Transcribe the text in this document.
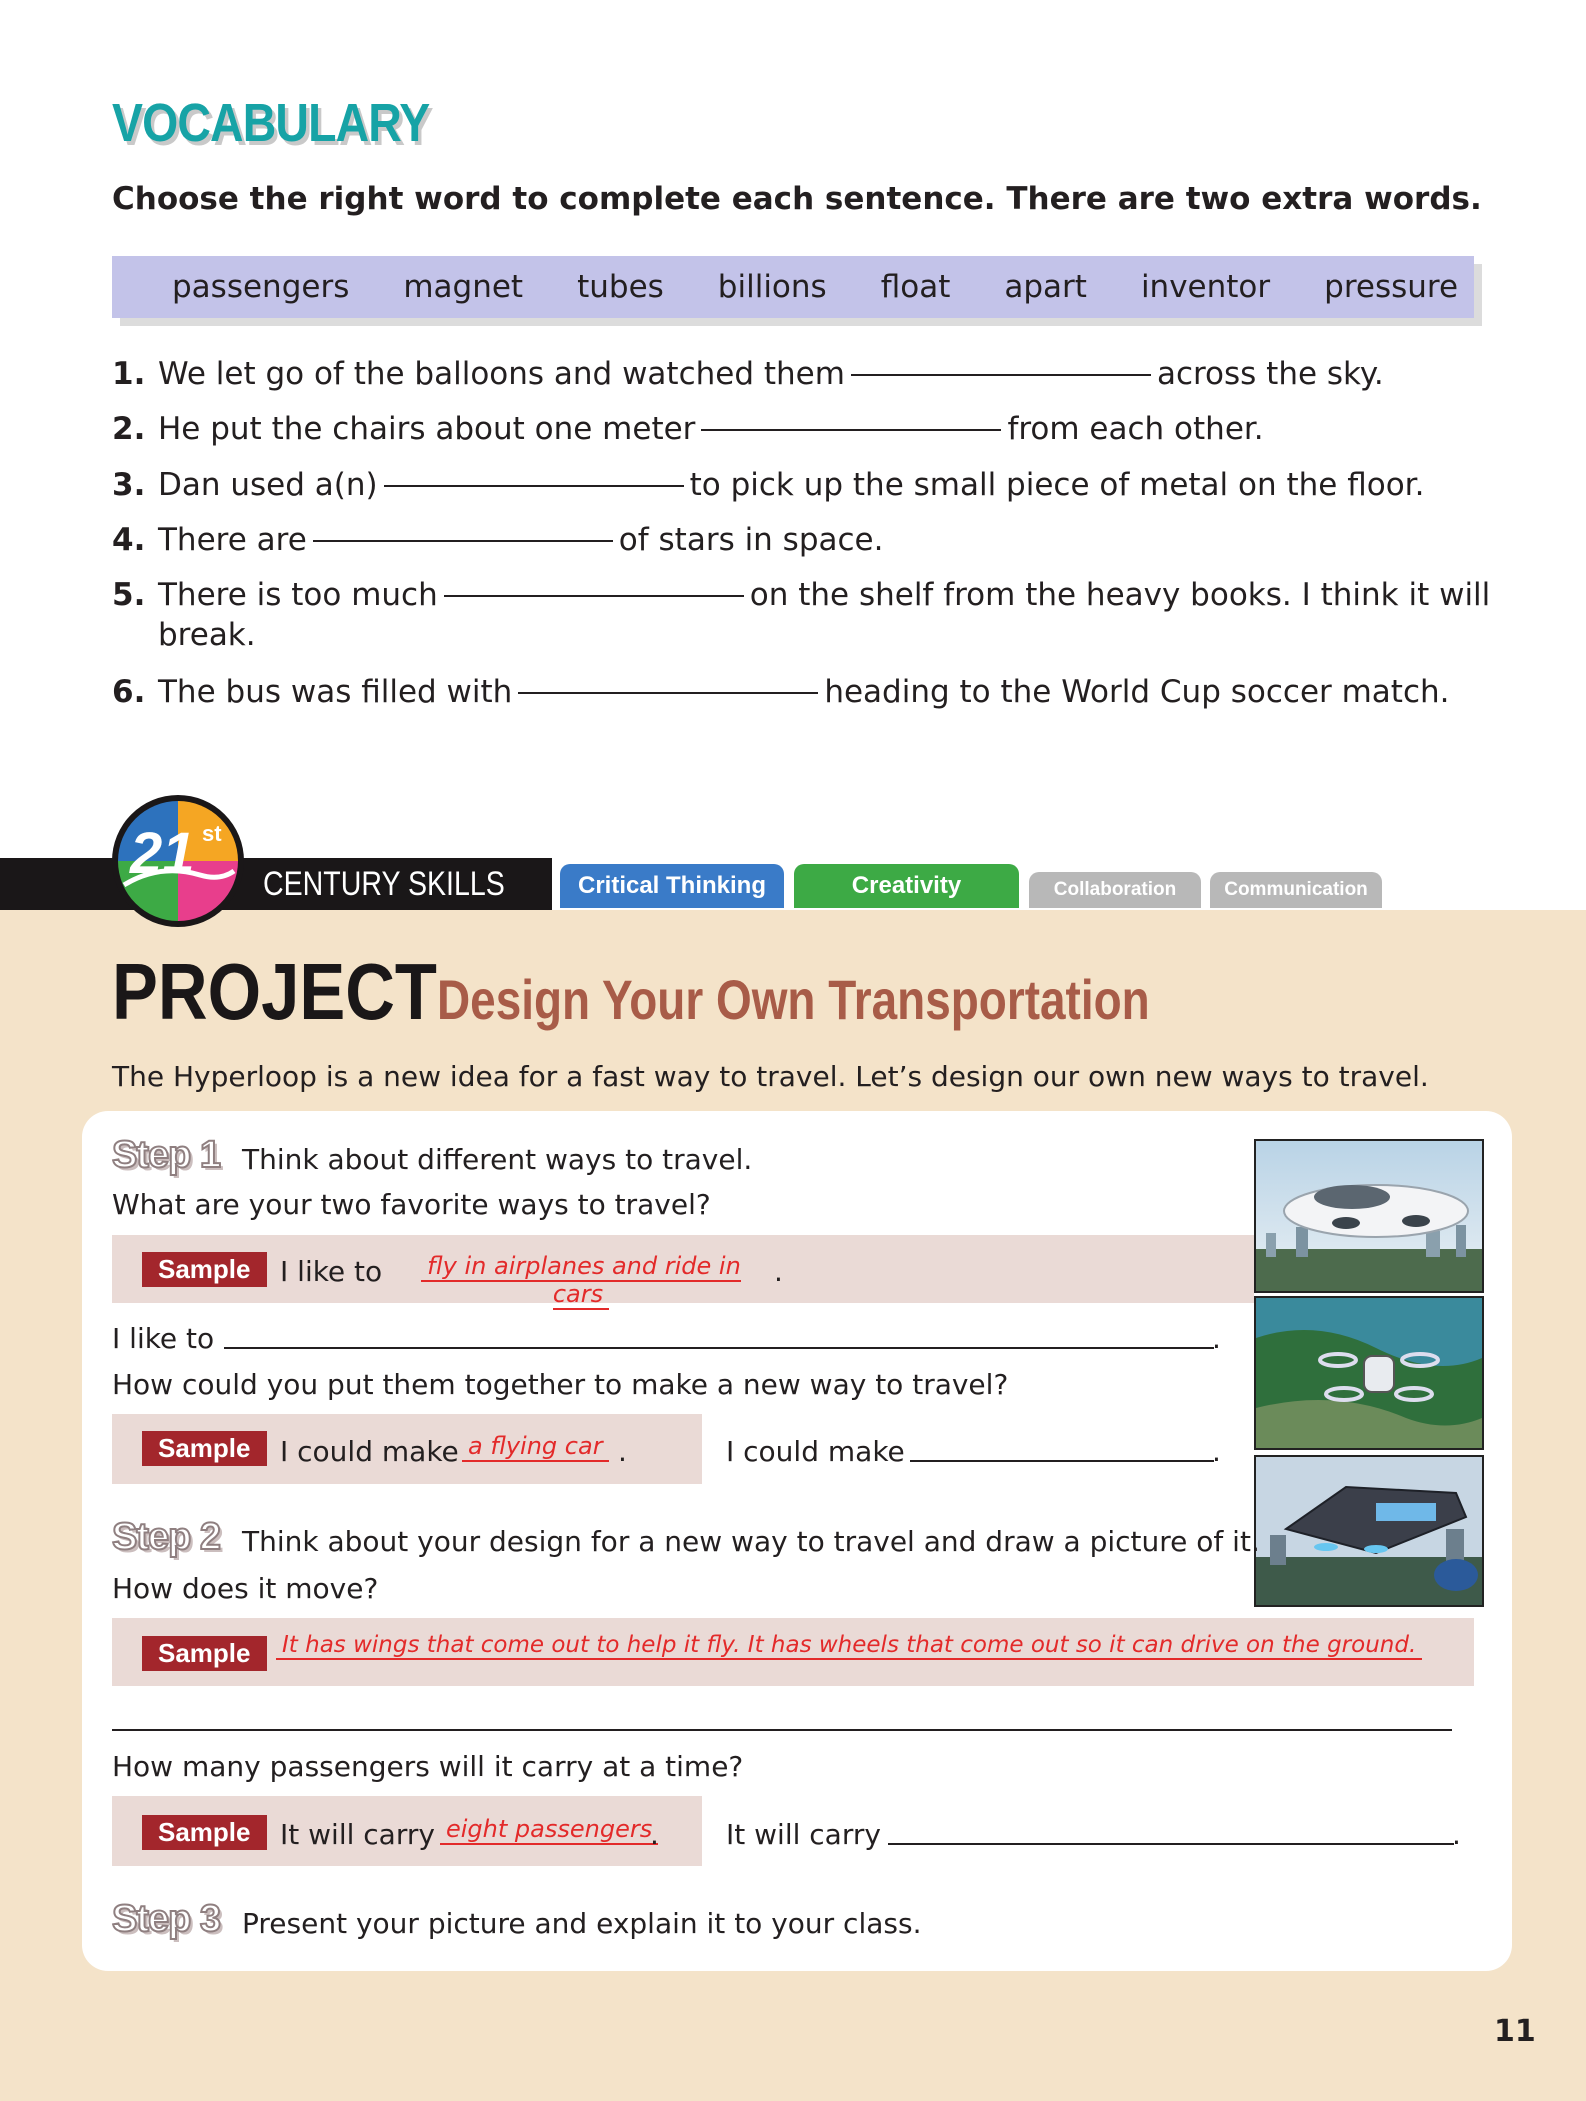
VOCABULARY
Choose the right word to complete each sentence. There are two extra words.
passengers magnet tubes billions float apart inventor pressure
1. We let go of the balloons and watched them	across the sky.
2. He put the chairs about one meter	from each other.
3. Dan used a(n)	to pick up the small piece of metal on the floor.
4. There are	of stars in space.
5. There is too much	on the shelf from the heavy books. I think it will
break.
6. The bus was filled with	heading to the World Cup soccer match.
CENTURY SKILLS
21 st
Critical Thinking	Creativity	Collaboration	Communication
PROJECT Design Your Own Transportation
The Hyperloop is a new idea for a fast way to travel. Let’s design our own new ways to travel.
Step 1 Think about different ways to travel.
What are your two favorite ways to travel?
Sample	I like to	fly in airplanes and ride in cars
.
I like to	.
How could you put them together to make a new way to travel?
Sample	I could make a flying car .	I could make	.
Step 2 Think about your design for a new way to travel and draw a picture of it.
How does it move?
Sample	It has wings that come out to help it fly. It has wheels that come out so it can drive on the ground.
How many passengers will it carry at a time?
Sample	It will carry eight passengers
. It will carry	.
Step 3 Present your picture and explain it to your class.
11
